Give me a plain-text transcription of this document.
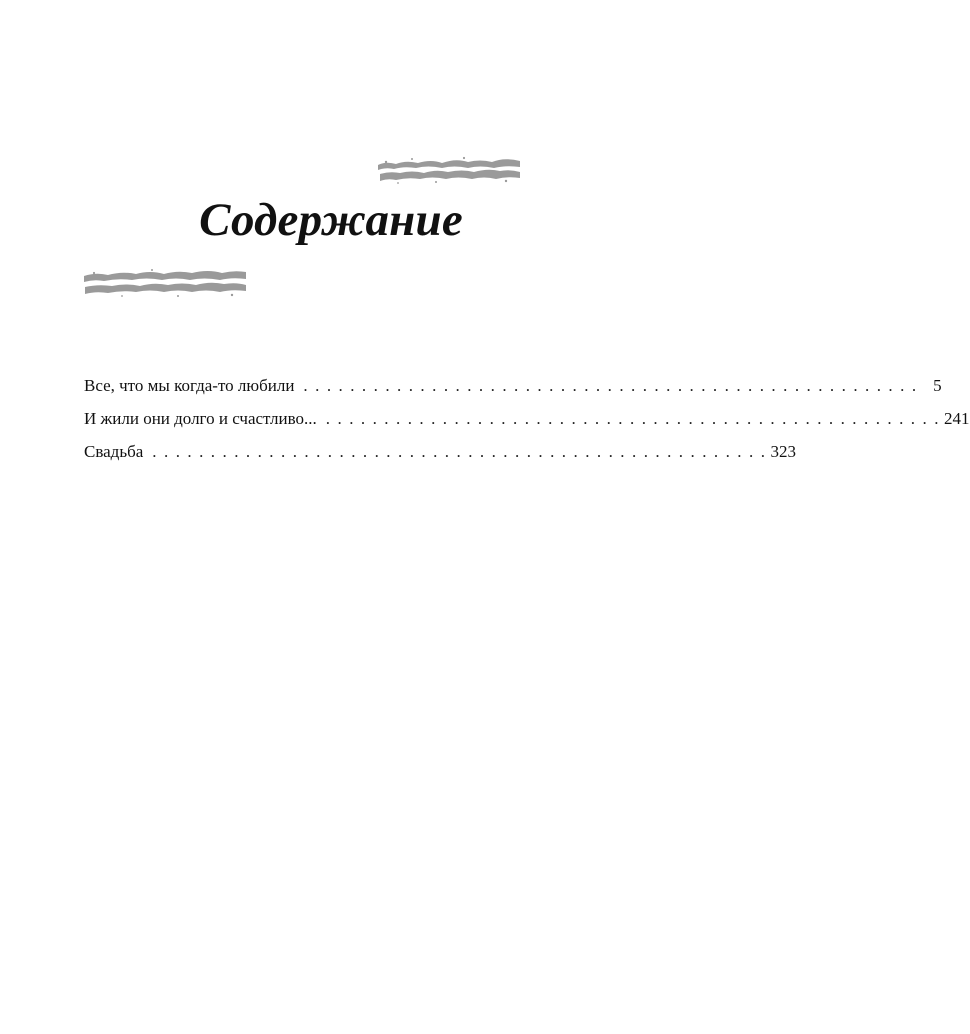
Содержание
Все, что мы когда-то любили . . . . . . . . . . . . . . . . . . . . . . . . . . . . . . . . . . . . . . . . . . . . . . . . . . . . . 5
И жили они долго и счастливо... . . . . . . . . . . . . . . . . . . . . . . . . . . . . . . . . . . . . . . . . . . . . . . . . . . . . . 241
Свадьба . . . . . . . . . . . . . . . . . . . . . . . . . . . . . . . . . . . . . . . . . . . . . . . . . . . . . 323
